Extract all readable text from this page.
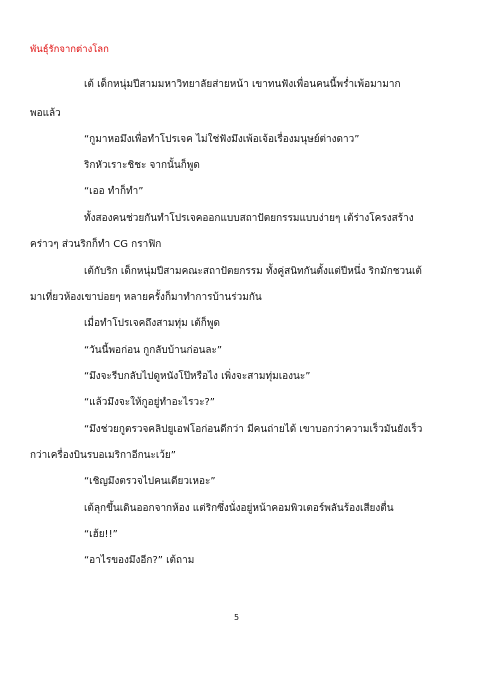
พันธุ์รักจากต่างโลก
เต้ เด็กหนุ่มปีสามมหาวิทยาลัยส่ายหน้า เขาทนฟังเพื่อนคนนี้พร่ำเพ้อมามาก
พอแล้ว
“กูมาหอมึงเพื่อทำโปรเจค ไม่ใช่ฟังมึงเพ้อเจ้อเรื่องมนุษย์ต่างดาว”
ริกหัวเราะชิชะ จากนั้นก็พูด
“เออ ทำก็ทำ”
ทั้งสองคนช่วยกันทำโปรเจคออกแบบสถาปัตยกรรมแบบง่ายๆ เต้ร่างโครงสร้าง
คร่าวๆ ส่วนริกก็ทำ CG กราฟิก
เต้กับริก เด็กหนุ่มปีสามคณะสถาปัตยกรรม ทั้งคู่สนิทกันตั้งแต่ปีหนึ่ง ริกมักชวนเต้
มาเที่ยวห้องเขาบ่อยๆ หลายครั้งก็มาทำการบ้านร่วมกัน
เมื่อทำโปรเจคถึงสามทุ่ม เต้ก็พูด
“วันนี้พอก่อน กูกลับบ้านก่อนละ”
“มึงจะรีบกลับไปดูหนังโป๊หรือไง เพิ่งจะสามทุ่มเองนะ”
“แล้วมึงจะให้กูอยู่ทำอะไรวะ?”
“มึงช่วยกูตรวจคลิปยูเอฟโอก่อนดีกว่า มีคนถ่ายได้ เขาบอกว่าความเร็วมันยังเร็ว
กว่าเครื่องบินรบอเมริกาอีกนะเว้ย”
“เชิญมึงตรวจไปคนเดียวเหอะ”
เต้ลุกขึ้นเดินออกจากห้อง แต่ริกซึ่งนั่งอยู่หน้าคอมพิวเตอร์พลันร้องเสียงตื่น
“เฮ้ย!!”
“อาไรของมึงอีก?” เต้ถาม
5
